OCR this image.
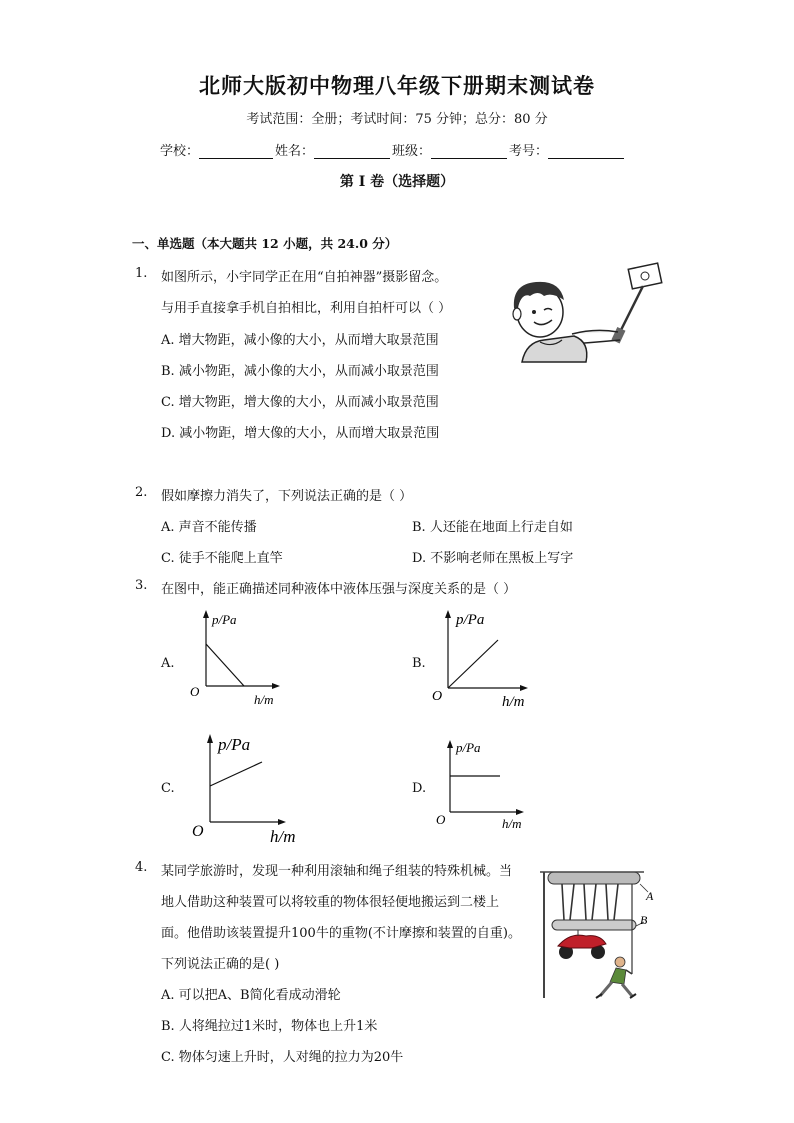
北师大版初中物理八年级下册期末测试卷
考试范围：全册；考试时间：75 分钟；总分：80 分
学校：	姓名：	班级：	考号：
第 I 卷（选择题）
一、单选题（本大题共 12 小题，共 24.0 分）
1. 如图所示，小宇同学正在用“自拍神器”摄影留念。
与用手直接拿手机自拍相比，利用自拍杆可以（ ）
A. 增大物距，减小像的大小，从而增大取景范围
B. 减小物距，减小像的大小，从而减小取景范围
C. 增大物距，增大像的大小，从而减小取景范围
D. 减小物距，增大像的大小，从而增大取景范围
2. 假如摩擦力消失了，下列说法正确的是（ ）
A. 声音不能传播	B. 人还能在地面上行走自如
C. 徒手不能爬上直竿	D. 不影响老师在黑板上写字
3. 在图中，能正确描述同种液体中液体压强与深度关系的是（ ）
A.	B.
C.	D.
p/Pa
O
h/m
p/Pa
O	h/m
p/Pa
O	h/m
p/Pa
O	h/m
4. 某同学旅游时，发现一种利用滚轴和绳子组装的特殊机械。当
地人借助这种装置可以将较重的物体很轻便地搬运到二楼上
面。他借助该装置提升100牛的重物(不计摩擦和装置的自重)。
下列说法正确的是( )
A. 可以把A、B简化看成动滑轮
B. 人将绳拉过1米时，物体也上升1米
C. 物体匀速上升时，人对绳的拉力为20牛
A
B
